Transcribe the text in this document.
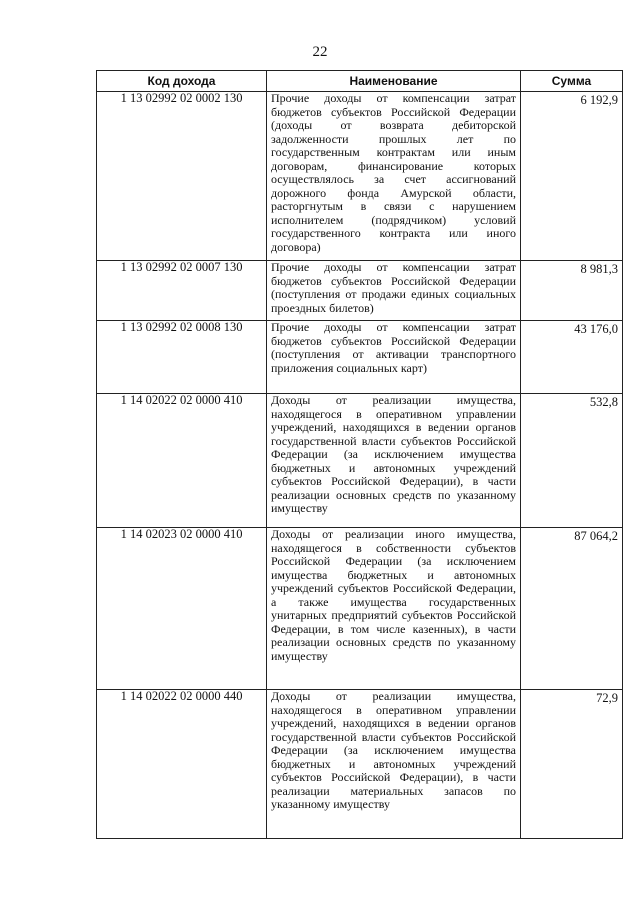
22
Код дохода	Наименование	Сумма
1 13 02992 02 0002 130	Прочие доходы от компенсации затрат бюджетов субъектов Российской Федерации (доходы от возврата дебиторской задолженности прошлых лет по государственным контрактам или иным договорам, финансирование которых осуществлялось за счет ассигнований дорожного фонда Амурской области, расторгнутым в связи с нарушением исполнителем (подрядчиком) условий государственного контракта или иного договора)	6 192,9
1 13 02992 02 0007 130	Прочие доходы от компенсации затрат бюджетов субъектов Российской Федерации (поступления от продажи единых социальных проездных билетов)	8 981,3
1 13 02992 02 0008 130	Прочие доходы от компенсации затрат бюджетов субъектов Российской Федерации (поступления от активации транспортного приложения социальных карт)	43 176,0
1 14 02022 02 0000 410	Доходы от реализации имущества, находящегося в оперативном управлении учреждений, находящихся в ведении органов государственной власти субъектов Российской Федерации (за исключением имущества бюджетных и автономных учреждений субъектов Российской Федерации), в части реализации основных средств по указанному имуществу	532,8
1 14 02023 02 0000 410	Доходы от реализации иного имущества, находящегося в собственности субъектов Российской Федерации (за исключением имущества бюджетных и автономных учреждений субъектов Российской Федерации, а также имущества государственных унитарных предприятий субъектов Российской Федерации, в том числе казенных), в части реализации основных средств по указанному имуществу	87 064,2
1 14 02022 02 0000 440	Доходы от реализации имущества, находящегося в оперативном управлении учреждений, находящихся в ведении органов государственной власти субъектов Российской Федерации (за исключением имущества бюджетных и автономных учреждений субъектов Российской Федерации), в части реализации материальных запасов по указанному имуществу	72,9
